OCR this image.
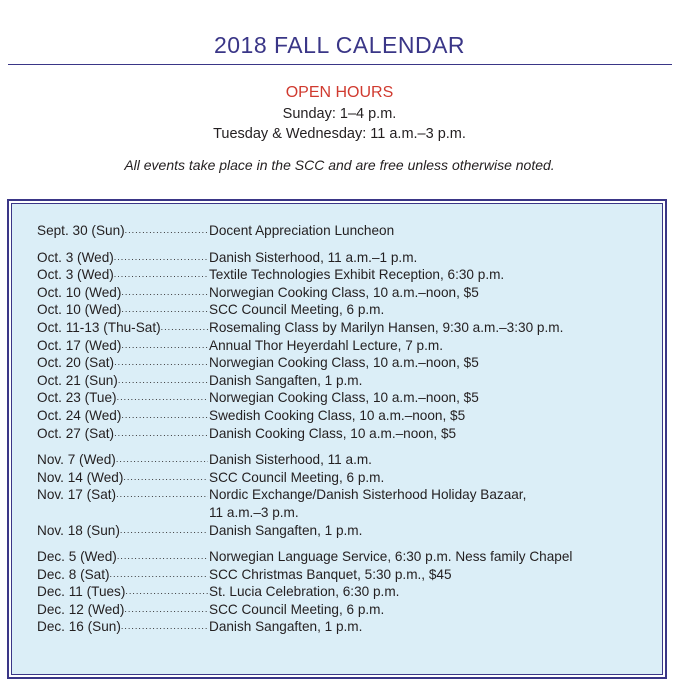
2018 FALL CALENDAR
OPEN HOURS
Sunday: 1–4 p.m.
Tuesday & Wednesday: 11 a.m.–3 p.m.
All events take place in the SCC and are free unless otherwise noted.
Sept. 30 (Sun) .....	Docent Appreciation Luncheon
Oct. 3 (Wed) .....	Danish Sisterhood, 11 a.m.–1 p.m.
Oct. 3 (Wed) .....	Textile Technologies Exhibit Reception, 6:30 p.m.
Oct. 10 (Wed) .....	Norwegian Cooking Class, 10 a.m.–noon, $5
Oct. 10 (Wed) .....	SCC Council Meeting, 6 p.m.
Oct. 11-13 (Thu-Sat) .....	Rosemaling Class by Marilyn Hansen, 9:30 a.m.–3:30 p.m.
Oct. 17 (Wed) .....	Annual Thor Heyerdahl Lecture, 7 p.m.
Oct. 20 (Sat) .....	Norwegian Cooking Class, 10 a.m.–noon, $5
Oct. 21 (Sun) .....	Danish Sangaften, 1 p.m.
Oct. 23 (Tue) .....	Norwegian Cooking Class, 10 a.m.–noon, $5
Oct. 24 (Wed) .....	Swedish Cooking Class, 10 a.m.–noon, $5
Oct. 27 (Sat) .....	Danish Cooking Class, 10 a.m.–noon, $5
Nov. 7 (Wed) .....	Danish Sisterhood, 11 a.m.
Nov. 14 (Wed) .....	SCC Council Meeting, 6 p.m.
Nov. 17 (Sat) .....	Nordic Exchange/Danish Sisterhood Holiday Bazaar,
11 a.m.–3 p.m.
Nov. 18 (Sun) .....	Danish Sangaften, 1 p.m.
Dec. 5 (Wed) .....	Norwegian Language Service, 6:30 p.m. Ness family Chapel
Dec. 8 (Sat) .....	SCC Christmas Banquet, 5:30 p.m., $45
Dec. 11 (Tues) .....	St. Lucia Celebration, 6:30 p.m.
Dec. 12 (Wed) .....	SCC Council Meeting, 6 p.m.
Dec. 16 (Sun) .....	Danish Sangaften, 1 p.m.
